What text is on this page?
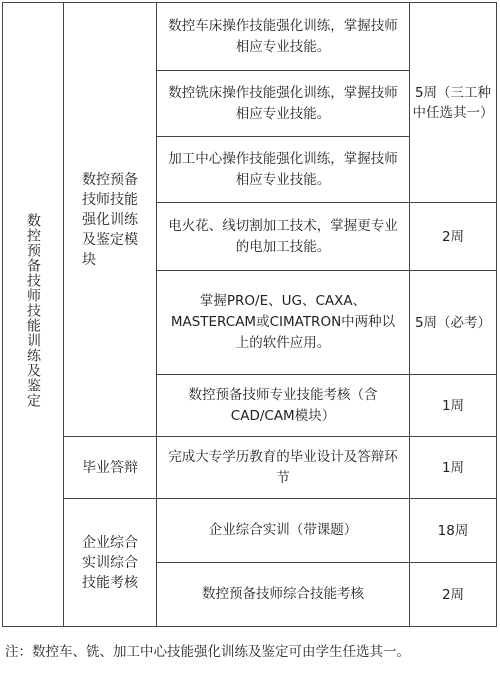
数控预备技师技能训练及鉴定	数控预备技师技能强化训练及鉴定模块	数控车床操作技能强化训练，掌握技师相应专业技能。	5周（三工种中任选其一）
		数控铣床操作技能强化训练，掌握技师相应专业技能。	
		加工中心操作技能强化训练，掌握技师相应专业技能。	
		电火花、线切割加工技术，掌握更专业的电加工技能。	2周
		掌握PRO/E、UG、CAXA、MASTERCAM或CIMATRON中两种以上的软件应用。	5周（必考）
		数控预备技师专业技能考核（含CAD/CAM模块）	1周
	毕业答辩	完成大专学历教育的毕业设计及答辩环节	1周
	企业综合实训综合技能考核	企业综合实训（带课题）	18周
		数控预备技师综合技能考核	2周
注：数控车、铣、加工中心技能强化训练及鉴定可由学生任选其一。
